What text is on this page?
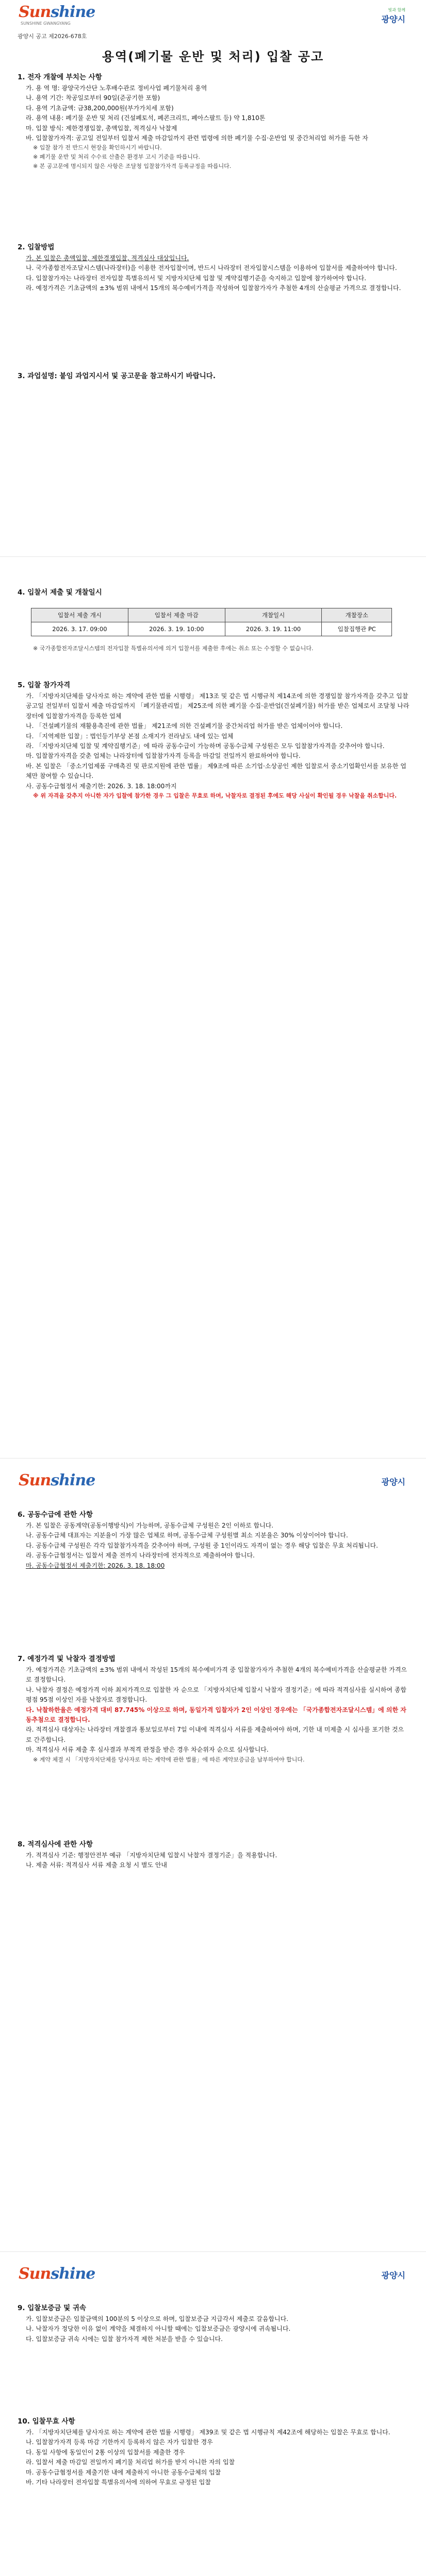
Sunshine
SUNSHINE GWANGYANG
빛과 함께
광양시
광양시 공고 제2026-678호
용역(폐기물 운반 및 처리) 입찰 공고

1. 전자 개찰에 부치는 사항

가. 용 역 명: 광양국가산단 노후배수관로 정비사업 폐기물처리 용역

나. 용역 기간: 착공일로부터 90일(준공기한 포함)

다. 용역 기초금액: 금38,200,000원(부가가치세 포함)

라. 용역 내용: 폐기물 운반 및 처리 (건설폐토석, 폐콘크리트, 폐아스팔트 등) 약 1,810톤

마. 입찰 방식: 제한경쟁입찰, 총액입찰, 적격심사 낙찰제

바. 입찰참가자격: 공고일 전일부터 입찰서 제출 마감일까지 관련 법령에 의한 폐기물 수집·운반업 및 중간처리업 허가를 득한 자

※ 입찰 참가 전 반드시 현장을 확인하시기 바랍니다.

※ 폐기물 운반 및 처리 수수료 산출은 환경부 고시 기준을 따릅니다.

※ 본 공고문에 명시되지 않은 사항은 조달청 입찰참가자격 등록규정을 따릅니다.

2. 입찰방법

가. 본 입찰은 총액입찰, 제한경쟁입찰, 적격심사 대상입니다.

나. 국가종합전자조달시스템(나라장터)을 이용한 전자입찰이며, 반드시 나라장터 전자입찰시스템을 이용하여 입찰서를 제출하여야 합니다.

다. 입찰참가자는 나라장터 전자입찰 특별유의서 및 지방자치단체 입찰 및 계약집행기준을 숙지하고 입찰에 참가하여야 합니다.

라. 예정가격은 기초금액의 ±3% 범위 내에서 15개의 복수예비가격을 작성하여 입찰참가자가 추첨한 4개의 산술평균 가격으로 결정합니다.

3. 과업설명: 붙임 과업지시서 및 공고문을 참고하시기 바랍니다.

4. 입찰서 제출 및 개찰일시

입찰서 제출 개시	입찰서 제출 마감	개찰일시	개찰장소
2026. 3. 17. 09:00	2026. 3. 19. 10:00	2026. 3. 19. 11:00	입찰집행관 PC

※ 국가종합전자조달시스템의 전자입찰 특별유의서에 의거 입찰서를 제출한 후에는 취소 또는 수정할 수 없습니다.

5. 입찰 참가자격

가. 「지방자치단체를 당사자로 하는 계약에 관한 법률 시행령」 제13조 및 같은 법 시행규칙 제14조에 의한 경쟁입찰 참가자격을 갖추고 입찰공고일 전일부터 입찰서 제출 마감일까지 「폐기물관리법」 제25조에 의한 폐기물 수집·운반업(건설폐기물) 허가를 받은 업체로서 조달청 나라장터에 입찰참가자격을 등록한 업체

나. 「건설폐기물의 재활용촉진에 관한 법률」 제21조에 의한 건설폐기물 중간처리업 허가를 받은 업체이어야 합니다.

다. 「지역제한 입찰」: 법인등기부상 본점 소재지가 전라남도 내에 있는 업체

라. 「지방자치단체 입찰 및 계약집행기준」에 따라 공동수급이 가능하며 공동수급체 구성원은 모두 입찰참가자격을 갖추어야 합니다.

마. 입찰참가자격을 갖춘 업체는 나라장터에 입찰참가자격 등록을 마감일 전일까지 완료하여야 합니다.

바. 본 입찰은 「중소기업제품 구매촉진 및 판로지원에 관한 법률」 제9조에 따른 소기업·소상공인 제한 입찰로서 중소기업확인서를 보유한 업체만 참여할 수 있습니다.

사. 공동수급협정서 제출기한: 2026. 3. 18. 18:00까지

※ 위 자격을 갖추지 아니한 자가 입찰에 참가한 경우 그 입찰은 무효로 하며, 낙찰자로 결정된 후에도 해당 사실이 확인될 경우 낙찰을 취소합니다.

Sunshine	광양시

6. 공동수급에 관한 사항

가. 본 입찰은 공동계약(공동이행방식)이 가능하며, 공동수급체 구성원은 2인 이하로 합니다.

나. 공동수급체 대표자는 지분율이 가장 많은 업체로 하며, 공동수급체 구성원별 최소 지분율은 30% 이상이어야 합니다.

다. 공동수급체 구성원은 각각 입찰참가자격을 갖추어야 하며, 구성원 중 1인이라도 자격이 없는 경우 해당 입찰은 무효 처리됩니다.

라. 공동수급협정서는 입찰서 제출 전까지 나라장터에 전자적으로 제출하여야 합니다.

마. 공동수급협정서 제출기한: 2026. 3. 18. 18:00

7. 예정가격 및 낙찰자 결정방법

가. 예정가격은 기초금액의 ±3% 범위 내에서 작성된 15개의 복수예비가격 중 입찰참가자가 추첨한 4개의 복수예비가격을 산술평균한 가격으로 결정합니다.

나. 낙찰자 결정은 예정가격 이하 최저가격으로 입찰한 자 순으로 「지방자치단체 입찰시 낙찰자 결정기준」에 따라 적격심사를 실시하여 종합평점 95점 이상인 자를 낙찰자로 결정합니다.

다. 낙찰하한율은 예정가격 대비 87.745% 이상으로 하며, 동일가격 입찰자가 2인 이상인 경우에는 「국가종합전자조달시스템」에 의한 자동추첨으로 결정합니다.

라. 적격심사 대상자는 나라장터 개찰결과 통보일로부터 7일 이내에 적격심사 서류를 제출하여야 하며, 기한 내 미제출 시 심사를 포기한 것으로 간주합니다.

마. 적격심사 서류 제출 후 심사결과 부적격 판정을 받은 경우 차순위자 순으로 심사합니다.

※ 계약 체결 시 「지방자치단체를 당사자로 하는 계약에 관한 법률」에 따른 계약보증금을 납부하여야 합니다.

8. 적격심사에 관한 사항

가. 적격심사 기준: 행정안전부 예규 「지방자치단체 입찰시 낙찰자 결정기준」을 적용합니다.

나. 제출 서류: 적격심사 서류 제출 요청 시 별도 안내

Sunshine	광양시

9. 입찰보증금 및 귀속

가. 입찰보증금은 입찰금액의 100분의 5 이상으로 하며, 입찰보증금 지급각서 제출로 갈음합니다.

나. 낙찰자가 정당한 이유 없이 계약을 체결하지 아니할 때에는 입찰보증금은 광양시에 귀속됩니다.

다. 입찰보증금 귀속 시에는 입찰 참가자격 제한 처분을 받을 수 있습니다.

10. 입찰무효 사항

가. 「지방자치단체를 당사자로 하는 계약에 관한 법률 시행령」 제39조 및 같은 법 시행규칙 제42조에 해당하는 입찰은 무효로 합니다.

나. 입찰참가자격 등록 마감 기한까지 등록하지 않은 자가 입찰한 경우

다. 동일 사항에 동일인이 2통 이상의 입찰서를 제출한 경우

라. 입찰서 제출 마감일 전일까지 폐기물 처리업 허가를 받지 아니한 자의 입찰

마. 공동수급협정서를 제출기한 내에 제출하지 아니한 공동수급체의 입찰

바. 기타 나라장터 전자입찰 특별유의서에 의하여 무효로 규정된 입찰
